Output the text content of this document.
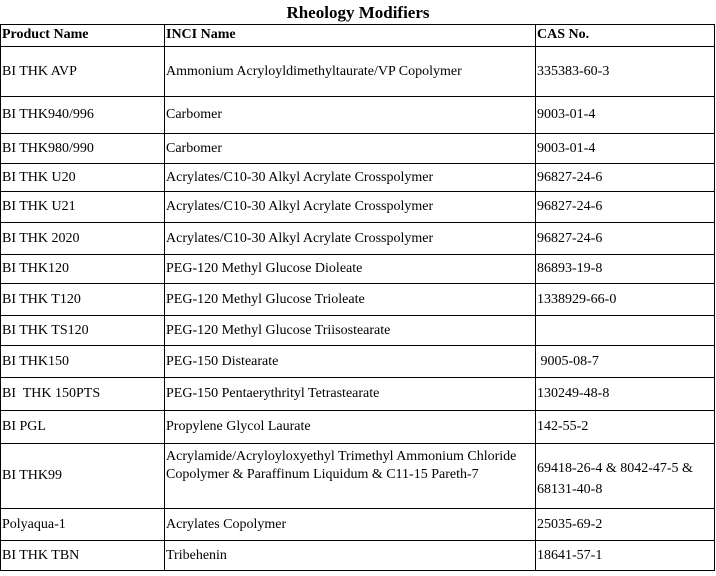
Rheology Modifiers
Product Name	INCI Name	CAS No.
BI THK AVP	Ammonium Acryloyldimethyltaurate/VP Copolymer	335383-60-3
BI THK940/996	Carbomer	9003-01-4
BI THK980/990	Carbomer	9003-01-4
BI THK U20	Acrylates/C10-30 Alkyl Acrylate Crosspolymer	96827-24-6
BI THK U21	Acrylates/C10-30 Alkyl Acrylate Crosspolymer	96827-24-6
BI THK 2020	Acrylates/C10-30 Alkyl Acrylate Crosspolymer	96827-24-6
BI THK120	PEG-120 Methyl Glucose Dioleate	86893-19-8
BI THK T120	PEG-120 Methyl Glucose Trioleate	1338929-66-0
BI THK TS120	PEG-120 Methyl Glucose Triisostearate	
BI THK150	PEG-150 Distearate	9005-08-7
BI  THK 150PTS	PEG-150 Pentaerythrityl Tetrastearate	130249-48-8
BI PGL	Propylene Glycol Laurate	142-55-2
BI THK99	Acrylamide/Acryloyloxyethyl Trimethyl Ammonium Chloride Copolymer & Paraffinum Liquidum & C11-15 Pareth-7	69418-26-4 & 8042-47-5 & 68131-40-8
Polyaqua-1	Acrylates Copolymer	25035-69-2
BI THK TBN	Tribehenin	18641-57-1
